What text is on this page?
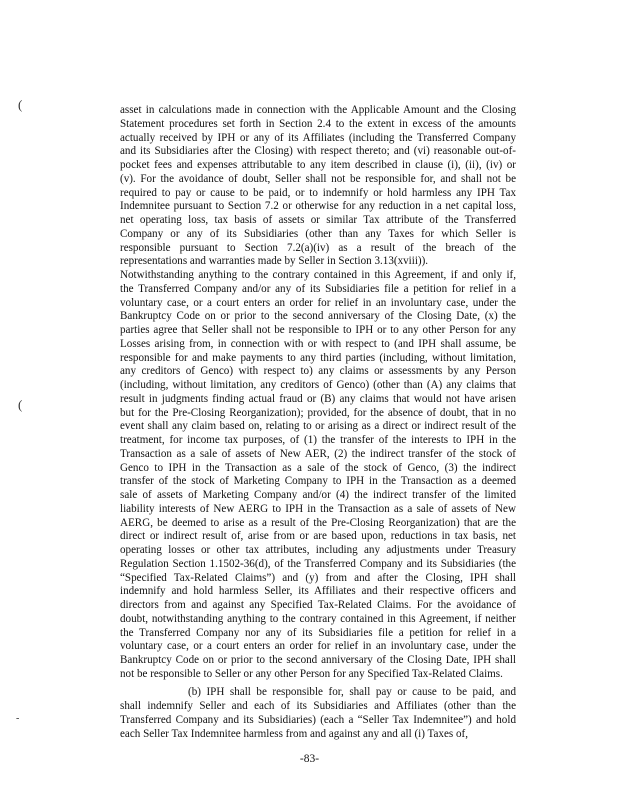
(
(
-
asset in calculations made in connection with the Applicable Amount and the Closing
Statement procedures set forth in Section 2.4 to the extent in excess of the amounts
actually received by IPH or any of its Affiliates (including the Transferred Company
and its Subsidiaries after the Closing) with respect thereto; and (vi) reasonable out-of-
pocket fees and expenses attributable to any item described in clause (i), (ii), (iv) or
(v). For the avoidance of doubt, Seller shall not be responsible for, and shall not be
required to pay or cause to be paid, or to indemnify or hold harmless any IPH Tax
Indemnitee pursuant to Section 7.2 or otherwise for any reduction in a net capital loss,
net operating loss, tax basis of assets or similar Tax attribute of the Transferred
Company or any of its Subsidiaries (other than any Taxes for which Seller is
responsible pursuant to Section 7.2(a)(iv) as a result of the breach of the
representations and warranties made by Seller in Section 3.13(xviii)).
Notwithstanding anything to the contrary contained in this Agreement, if and only if,
the Transferred Company and/or any of its Subsidiaries file a petition for relief in a
voluntary case, or a court enters an order for relief in an involuntary case, under the
Bankruptcy Code on or prior to the second anniversary of the Closing Date, (x) the
parties agree that Seller shall not be responsible to IPH or to any other Person for any
Losses arising from, in connection with or with respect to (and IPH shall assume, be
responsible for and make payments to any third parties (including, without limitation,
any creditors of Genco) with respect to) any claims or assessments by any Person
(including, without limitation, any creditors of Genco) (other than (A) any claims that
result in judgments finding actual fraud or (B) any claims that would not have arisen
but for the Pre-Closing Reorganization); provided, for the absence of doubt, that in no
event shall any claim based on, relating to or arising as a direct or indirect result of the
treatment, for income tax purposes, of (1) the transfer of the interests to IPH in the
Transaction as a sale of assets of New AER, (2) the indirect transfer of the stock of
Genco to IPH in the Transaction as a sale of the stock of Genco, (3) the indirect
transfer of the stock of Marketing Company to IPH in the Transaction as a deemed
sale of assets of Marketing Company and/or (4) the indirect transfer of the limited
liability interests of New AERG to IPH in the Transaction as a sale of assets of New
AERG, be deemed to arise as a result of the Pre-Closing Reorganization) that are the
direct or indirect result of, arise from or are based upon, reductions in tax basis, net
operating losses or other tax attributes, including any adjustments under Treasury
Regulation Section 1.1502-36(d), of the Transferred Company and its Subsidiaries (the
“Specified Tax-Related Claims”) and (y) from and after the Closing, IPH shall
indemnify and hold harmless Seller, its Affiliates and their respective officers and
directors from and against any Specified Tax-Related Claims. For the avoidance of
doubt, notwithstanding anything to the contrary contained in this Agreement, if neither
the Transferred Company nor any of its Subsidiaries file a petition for relief in a
voluntary case, or a court enters an order for relief in an involuntary case, under the
Bankruptcy Code on or prior to the second anniversary of the Closing Date, IPH shall
not be responsible to Seller or any other Person for any Specified Tax-Related Claims.
(b) IPH shall be responsible for, shall pay or cause to be paid, and
shall indemnify Seller and each of its Subsidiaries and Affiliates (other than the
Transferred Company and its Subsidiaries) (each a “Seller Tax Indemnitee”) and hold
each Seller Tax Indemnitee harmless from and against any and all (i) Taxes of,
-83-
